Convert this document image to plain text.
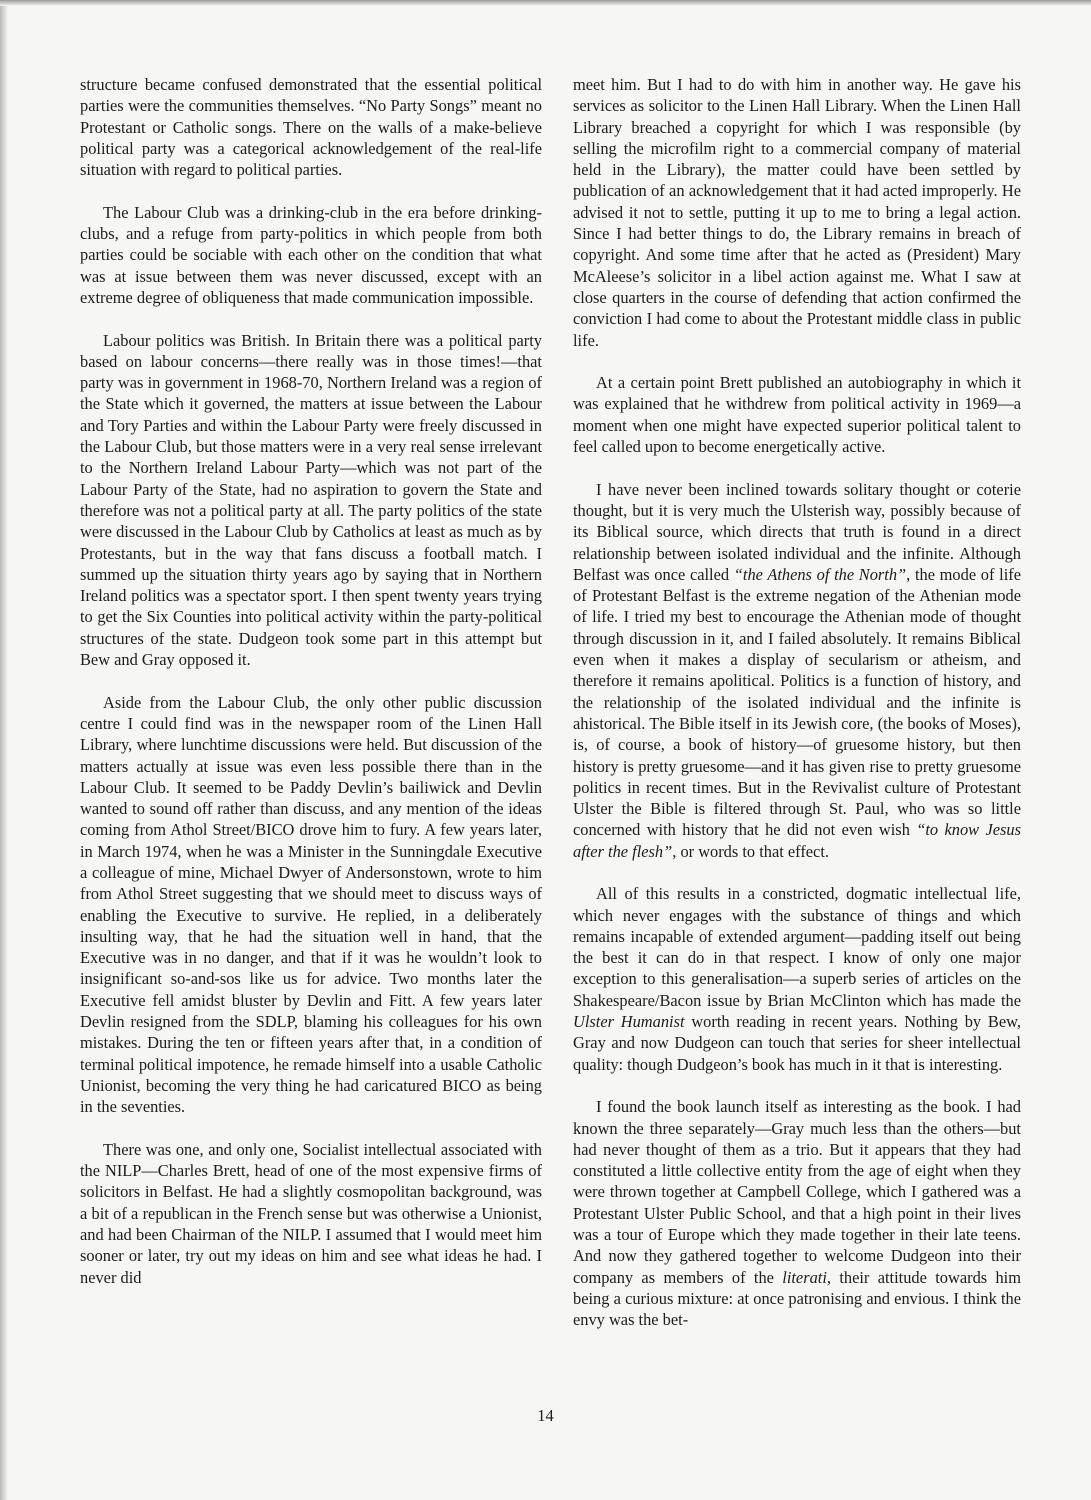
structure became confused demonstrated that the essential political parties were the communities themselves. “No Party Songs” meant no Protestant or Catholic songs. There on the walls of a make-believe political party was a categorical acknowledgement of the real-life situation with regard to political parties.

The Labour Club was a drinking-club in the era before drinking-clubs, and a refuge from party-politics in which people from both parties could be sociable with each other on the condition that what was at issue between them was never discussed, except with an extreme degree of obliqueness that made communication impossible.

Labour politics was British. In Britain there was a political party based on labour concerns—there really was in those times!—that party was in government in 1968-70, Northern Ireland was a region of the State which it governed, the matters at issue between the Labour and Tory Parties and within the Labour Party were freely discussed in the Labour Club, but those matters were in a very real sense irrelevant to the Northern Ireland Labour Party—which was not part of the Labour Party of the State, had no aspiration to govern the State and therefore was not a political party at all. The party politics of the state were discussed in the Labour Club by Catholics at least as much as by Protestants, but in the way that fans discuss a football match. I summed up the situation thirty years ago by saying that in Northern Ireland politics was a spectator sport. I then spent twenty years trying to get the Six Counties into political activity within the party-political structures of the state. Dudgeon took some part in this attempt but Bew and Gray opposed it.

Aside from the Labour Club, the only other public discussion centre I could find was in the newspaper room of the Linen Hall Library, where lunchtime discussions were held. But discussion of the matters actually at issue was even less possible there than in the Labour Club. It seemed to be Paddy Devlin’s bailiwick and Devlin wanted to sound off rather than discuss, and any mention of the ideas coming from Athol Street/BICO drove him to fury. A few years later, in March 1974, when he was a Minister in the Sunningdale Executive a colleague of mine, Michael Dwyer of Andersonstown, wrote to him from Athol Street suggesting that we should meet to discuss ways of enabling the Executive to survive. He replied, in a deliberately insulting way, that he had the situation well in hand, that the Executive was in no danger, and that if it was he wouldn’t look to insignificant so-and-sos like us for advice. Two months later the Executive fell amidst bluster by Devlin and Fitt. A few years later Devlin resigned from the SDLP, blaming his colleagues for his own mistakes. During the ten or fifteen years after that, in a condition of terminal political impotence, he remade himself into a usable Catholic Unionist, becoming the very thing he had caricatured BICO as being in the seventies.

There was one, and only one, Socialist intellectual associated with the NILP—Charles Brett, head of one of the most expensive firms of solicitors in Belfast. He had a slightly cosmopolitan background, was a bit of a republican in the French sense but was otherwise a Unionist, and had been Chairman of the NILP. I assumed that I would meet him sooner or later, try out my ideas on him and see what ideas he had. I never did

meet him. But I had to do with him in another way. He gave his services as solicitor to the Linen Hall Library. When the Linen Hall Library breached a copyright for which I was responsible (by selling the microfilm right to a commercial company of material held in the Library), the matter could have been settled by publication of an acknowledgement that it had acted improperly. He advised it not to settle, putting it up to me to bring a legal action. Since I had better things to do, the Library remains in breach of copyright. And some time after that he acted as (President) Mary McAleese’s solicitor in a libel action against me. What I saw at close quarters in the course of defending that action confirmed the conviction I had come to about the Protestant middle class in public life.

At a certain point Brett published an autobiography in which it was explained that he withdrew from political activity in 1969—a moment when one might have expected superior political talent to feel called upon to become energetically active.

I have never been inclined towards solitary thought or coterie thought, but it is very much the Ulsterish way, possibly because of its Biblical source, which directs that truth is found in a direct relationship between isolated individual and the infinite. Although Belfast was once called “the Athens of the North”, the mode of life of Protestant Belfast is the extreme negation of the Athenian mode of life. I tried my best to encourage the Athenian mode of thought through discussion in it, and I failed absolutely. It remains Biblical even when it makes a display of secularism or atheism, and therefore it remains apolitical. Politics is a function of history, and the relationship of the isolated individual and the infinite is ahistorical. The Bible itself in its Jewish core, (the books of Moses), is, of course, a book of history—of gruesome history, but then history is pretty gruesome—and it has given rise to pretty gruesome politics in recent times. But in the Revivalist culture of Protestant Ulster the Bible is filtered through St. Paul, who was so little concerned with history that he did not even wish “to know Jesus after the flesh”, or words to that effect.

All of this results in a constricted, dogmatic intellectual life, which never engages with the substance of things and which remains incapable of extended argument—padding itself out being the best it can do in that respect. I know of only one major exception to this generalisation—a superb series of articles on the Shakespeare/Bacon issue by Brian McClinton which has made the Ulster Humanist worth reading in recent years. Nothing by Bew, Gray and now Dudgeon can touch that series for sheer intellectual quality: though Dudgeon’s book has much in it that is interesting.

I found the book launch itself as interesting as the book. I had known the three separately—Gray much less than the others—but had never thought of them as a trio. But it appears that they had constituted a little collective entity from the age of eight when they were thrown together at Campbell College, which I gathered was a Protestant Ulster Public School, and that a high point in their lives was a tour of Europe which they made together in their late teens. And now they gathered together to welcome Dudgeon into their company as members of the literati, their attitude towards him being a curious mixture: at once patronising and envious. I think the envy was the bet-

14
